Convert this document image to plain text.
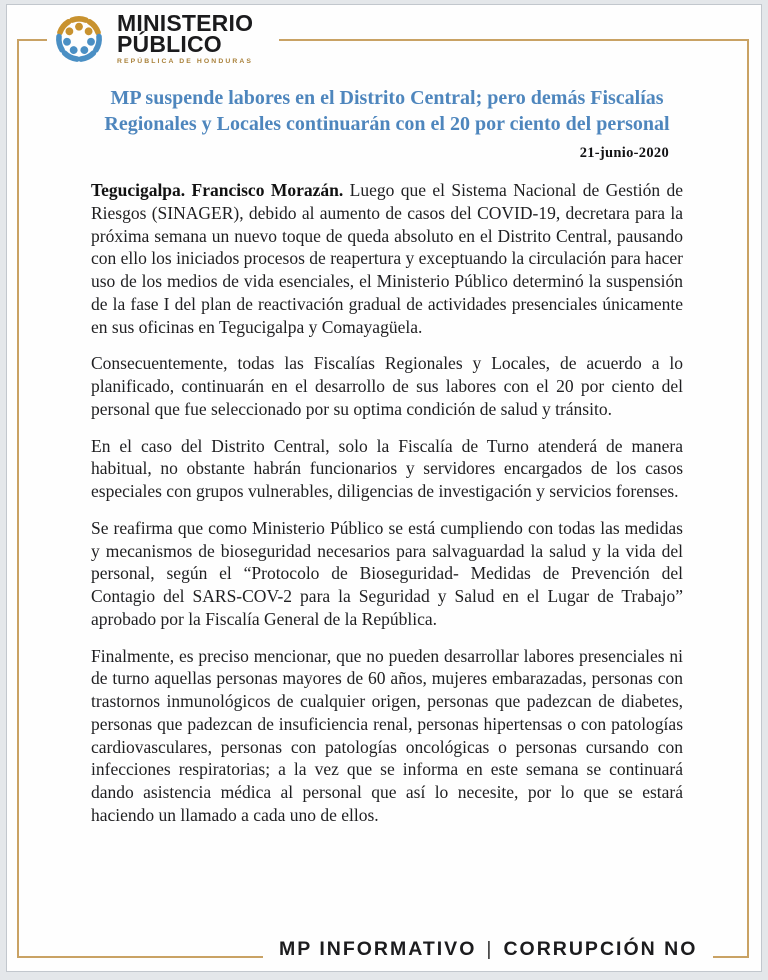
MINISTERIO
PÚBLICO
REPÚBLICA DE HONDURAS
MP suspende labores en el Distrito Central; pero demás Fiscalías Regionales y Locales continuarán con el 20 por ciento del personal
21-junio-2020

Tegucigalpa. Francisco Morazán. Luego que el Sistema Nacional de Gestión de Riesgos (SINAGER), debido al aumento de casos del COVID-19, decretara para la próxima semana un nuevo toque de queda absoluto en el Distrito Central, pausando con ello los iniciados procesos de reapertura y exceptuando la circulación para hacer uso de los medios de vida esenciales, el Ministerio Público determinó la suspensión de la fase I del plan de reactivación gradual de actividades presenciales únicamente en sus oficinas en Tegucigalpa y Comayagüela.

Consecuentemente, todas las Fiscalías Regionales y Locales, de acuerdo a lo planificado, continuarán en el desarrollo de sus labores con el 20 por ciento del personal que fue seleccionado por su optima condición de salud y tránsito.

En el caso del Distrito Central, solo la Fiscalía de Turno atenderá de manera habitual, no obstante habrán funcionarios y servidores encargados de los casos especiales con grupos vulnerables, diligencias de investigación y servicios forenses.

Se reafirma que como Ministerio Público se está cumpliendo con todas las medidas y mecanismos de bioseguridad necesarios para salvaguardad la salud y la vida del personal, según el “Protocolo de Bioseguridad- Medidas de Prevención del Contagio del SARS-COV-2 para la Seguridad y Salud en el Lugar de Trabajo” aprobado por la Fiscalía General de la República.

Finalmente, es preciso mencionar, que no pueden desarrollar labores presenciales ni de turno aquellas personas mayores de 60 años, mujeres embarazadas, personas con trastornos inmunológicos de cualquier origen, personas que padezcan de diabetes, personas que padezcan de insuficiencia renal, personas hipertensas o con patologías cardiovasculares, personas con patologías oncológicas o personas cursando con infecciones respiratorias; a la vez que se informa en este semana se continuará dando asistencia médica al personal que así lo necesite, por lo que se estará haciendo un llamado a cada uno de ellos.

MP INFORMATIVO | CORRUPCIÓN NO
